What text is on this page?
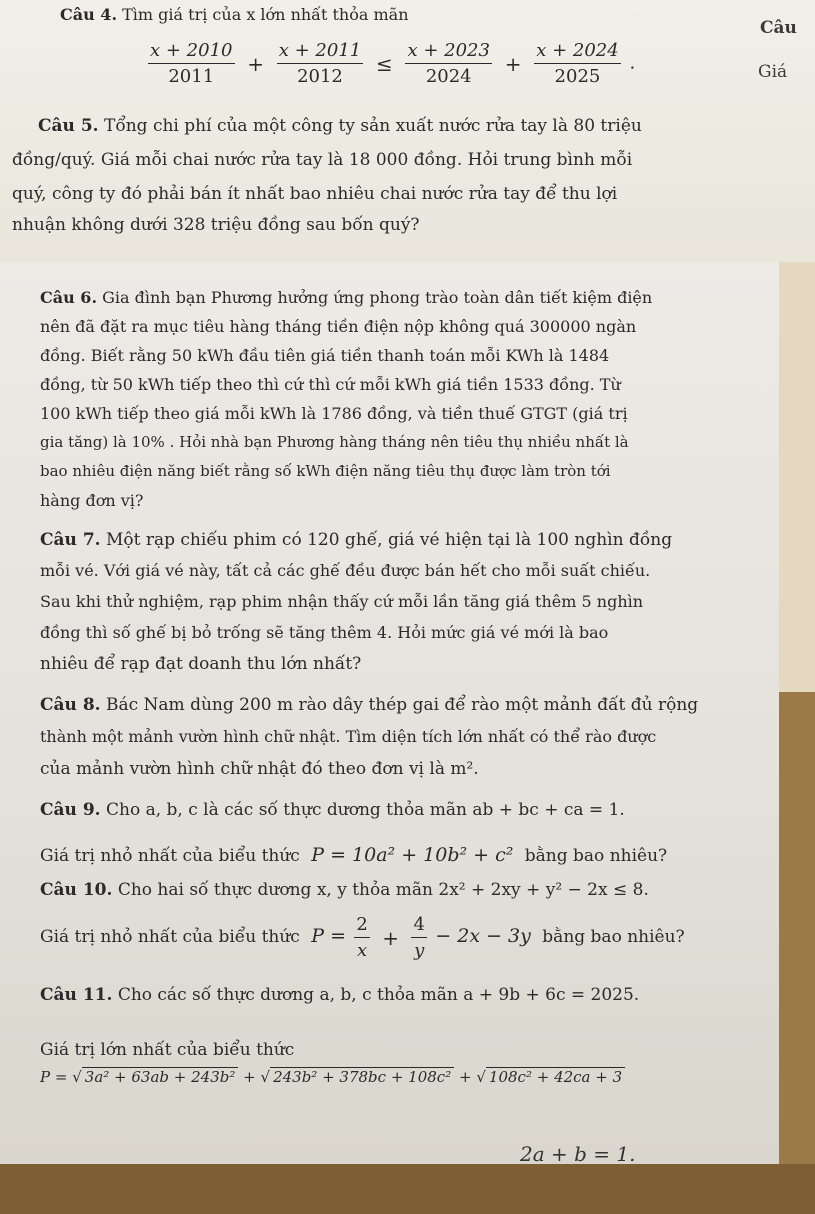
Câu 4. Tìm giá trị của x lớn nhất thỏa mãn
$\frac{x + 2010}{2011} + \frac{x + 2011}{2012} \le \frac{x + 2023}{2024} + \frac{x + 2024}{2025}$ .
Câu
Giá
Câu 5. Tổng chi phí của một công ty sản xuất nước rửa tay là 80 triệu
đồng/quý. Giá mỗi chai nước rửa tay là 18 000 đồng. Hỏi trung bình mỗi
quý, công ty đó phải bán ít nhất bao nhiêu chai nước rửa tay để thu lợi
nhuận không dưới 328 triệu đồng sau bốn quý?
Câu 6. Gia đình bạn Phương hưởng ứng phong trào toàn dân tiết kiệm điện
nên đã đặt ra mục tiêu hàng tháng tiền điện nộp không quá 300000 ngàn
đồng. Biết rằng 50 kWh đầu tiên giá tiền thanh toán mỗi KWh là 1484
đồng, từ 50 kWh tiếp theo thì cứ thì cứ mỗi kWh giá tiền 1533 đồng. Từ
100 kWh tiếp theo giá mỗi kWh là 1786 đồng, và tiền thuế GTGT (giá trị
gia tăng) là 10% . Hỏi nhà bạn Phương hàng tháng nên tiêu thụ nhiều nhất là
bao nhiêu điện năng biết rằng số kWh điện năng tiêu thụ được làm tròn tới
hàng đơn vị?
Câu 7. Một rạp chiếu phim có 120 ghế, giá vé hiện tại là 100 nghìn đồng
mỗi vé. Với giá vé này, tất cả các ghế đều được bán hết cho mỗi suất chiếu.
Sau khi thử nghiệm, rạp phim nhận thấy cứ mỗi lần tăng giá thêm 5 nghìn
đồng thì số ghế bị bỏ trống sẽ tăng thêm 4. Hỏi mức giá vé mới là bao
nhiêu để rạp đạt doanh thu lớn nhất?
Câu 8. Bác Nam dùng 200 m rào dây thép gai để rào một mảnh đất đủ rộng
thành một mảnh vườn hình chữ nhật. Tìm diện tích lớn nhất có thể rào được
của mảnh vườn hình chữ nhật đó theo đơn vị là m².
Câu 9. Cho a, b, c là các số thực dương thỏa mãn ab + bc + ca = 1.
Giá trị nhỏ nhất của biểu thức P = 10a² + 10b² + c² bằng bao nhiêu?
Câu 10. Cho hai số thực dương x, y thỏa mãn 2x² + 2xy + y² − 2x ≤ 8.
Giá trị nhỏ nhất của biểu thức $P = \frac{2}{x} + \frac{4}{y} - 2x - 3y$ bằng bao nhiêu?
Câu 11. Cho các số thực dương a, b, c thỏa mãn a + 9b + 6c = 2025.
Giá trị lớn nhất của biểu thức
P = √ 3a² + 63ab + 243b² + √ 243b² + 378bc + 108c² + √ 108c² + 42ca + 3
2a + b = 1.
